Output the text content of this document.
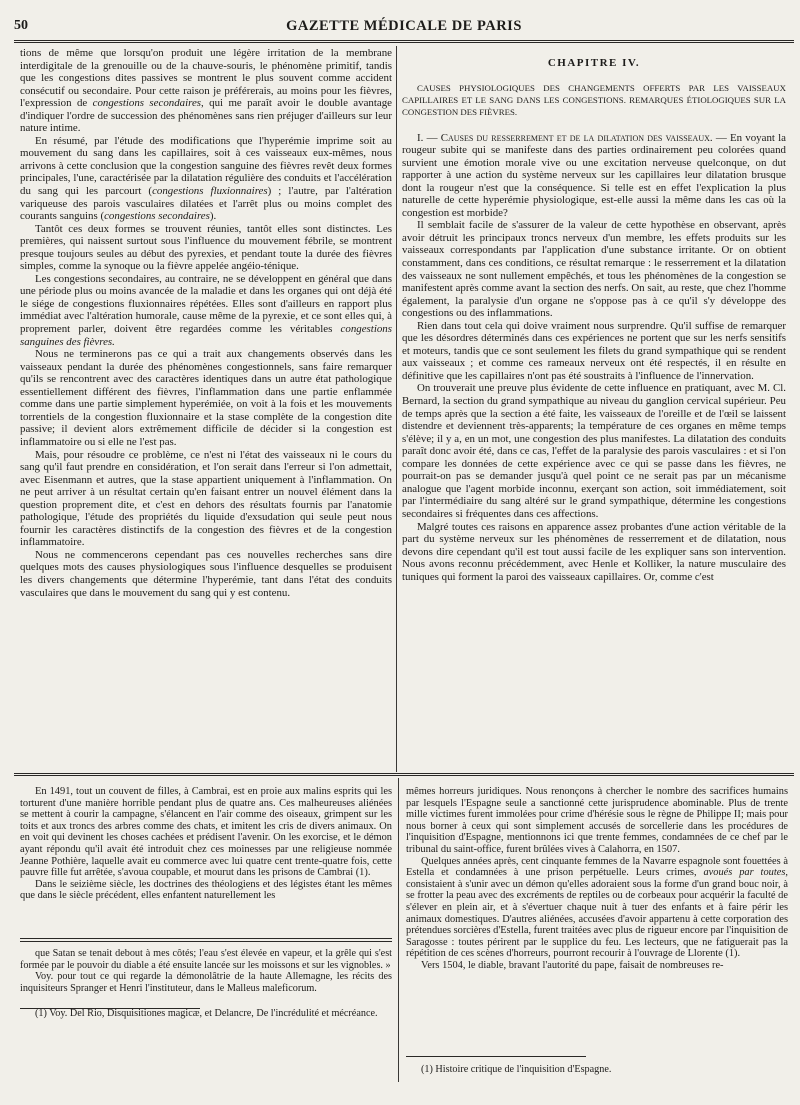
50	GAZETTE MÉDICALE DE PARIS

tions de même que lorsqu'on produit une légère irritation de la membrane interdigitale de la grenouille ou de la chauve-souris, le phénomène primitif, tandis que les congestions dites passives se montrent le plus souvent comme accident consécutif ou secondaire. Pour cette raison je préférerais, au moins pour les fièvres, l'expression de congestions secondaires, qui me paraît avoir le double avantage d'indiquer l'ordre de succession des phénomènes sans rien préjuger d'ailleurs sur leur nature intime.

En résumé, par l'étude des modifications que l'hyperémie imprime soit au mouvement du sang dans les capillaires, soit à ces vaisseaux eux-mêmes, nous arrivons à cette conclusion que la congestion sanguine des fièvres revêt deux formes principales, l'une, caractérisée par la dilatation régulière des conduits et l'accélération du sang qui les parcourt (congestions fluxionnaires) ; l'autre, par l'altération variqueuse des parois vasculaires dilatées et l'arrêt plus ou moins complet des courants sanguins (congestions secondaires).

Tantôt ces deux formes se trouvent réunies, tantôt elles sont distinctes. Les premières, qui naissent surtout sous l'influence du mouvement fébrile, se montrent presque toujours seules au début des pyrexies, et pendant toute la durée des fièvres simples, comme la synoque ou la fièvre appelée angéio-ténique.

Les congestions secondaires, au contraire, ne se développent en général que dans une période plus ou moins avancée de la maladie et dans les organes qui ont déjà été le siége de congestions fluxionnaires répétées. Elles sont d'ailleurs en rapport plus immédiat avec l'altération humorale, cause même de la pyrexie, et ce sont elles qui, à proprement parler, doivent être regardées comme les véritables congestions sanguines des fièvres.

Nous ne terminerons pas ce qui a trait aux changements observés dans les vaisseaux pendant la durée des phénomènes congestionnels, sans faire remarquer qu'ils se rencontrent avec des caractères identiques dans un autre état pathologique essentiellement différent des fièvres, l'inflammation dans une partie enflammée comme dans une partie simplement hyperémiée, on voit à la fois et les mouvements torrentiels de la congestion fluxionnaire et la stase complète de la congestion dite passive; il devient alors extrêmement difficile de décider si la congestion est inflammatoire ou si elle ne l'est pas.

Mais, pour résoudre ce problème, ce n'est ni l'état des vaisseaux ni le cours du sang qu'il faut prendre en considération, et l'on serait dans l'erreur si l'on admettait, avec Eisenmann et autres, que la stase appartient uniquement à l'inflammation. On ne peut arriver à un résultat certain qu'en faisant entrer un nouvel élément dans la question proprement dite, et c'est en dehors des résultats fournis par l'anatomie pathologique, l'étude des propriétés du liquide d'exsudation qui seule peut nous fournir les caractères distinctifs de la congestion des fièvres et de la congestion inflammatoire.

Nous ne commencerons cependant pas ces nouvelles recherches sans dire quelques mots des causes physiologiques sous l'influence desquelles se produisent les divers changements que détermine l'hyperémie, tant dans l'état des conduits vasculaires que dans le mouvement du sang qui y est contenu.

CHAPITRE IV.

CAUSES PHYSIOLOGIQUES DES CHANGEMENTS OFFERTS PAR LES VAISSEAUX CAPILLAIRES ET LE SANG DANS LES CONGESTIONS. REMARQUES ÉTIOLOGIQUES SUR LA CONGESTION DES FIÈVRES.

I. — Causes du resserrement et de la dilatation des vaisseaux. — En voyant la rougeur subite qui se manifeste dans des parties ordinairement peu colorées quand survient une émotion morale vive ou une excitation nerveuse quelconque, on dut rapporter à une action du système nerveux sur les capillaires leur dilatation brusque dont la rougeur n'est que la conséquence. Si telle est en effet l'explication la plus naturelle de cette hyperémie physiologique, est-elle aussi la même dans les cas où la congestion est morbide?

Il semblait facile de s'assurer de la valeur de cette hypothèse en observant, après avoir détruit les principaux troncs nerveux d'un membre, les effets produits sur les vaisseaux correspondants par l'application d'une substance irritante. Or on obtient constamment, dans ces conditions, ce résultat remarque : le resserrement et la dilatation des vaisseaux ne sont nullement empêchés, et tous les phénomènes de la congestion se manifestent après comme avant la section des nerfs. On sait, au reste, que chez l'homme également, la paralysie d'un organe ne s'oppose pas à ce qu'il s'y développe des congestions ou des inflammations.

Rien dans tout cela qui doive vraiment nous surprendre. Qu'il suffise de remarquer que les désordres déterminés dans ces expériences ne portent que sur les nerfs sensitifs et moteurs, tandis que ce sont seulement les filets du grand sympathique qui se rendent aux vaisseaux ; et comme ces rameaux nerveux ont été respectés, il en résulte en définitive que les capillaires n'ont pas été soustraits à l'influence de l'innervation.

On trouverait une preuve plus évidente de cette influence en pratiquant, avec M. Cl. Bernard, la section du grand sympathique au niveau du ganglion cervical supérieur. Peu de temps après que la section a été faite, les vaisseaux de l'oreille et de l'œil se laissent distendre et deviennent très-apparents; la température de ces organes en même temps s'élève; il y a, en un mot, une congestion des plus manifestes. La dilatation des conduits paraît donc avoir été, dans ce cas, l'effet de la paralysie des parois vasculaires : et si l'on compare les données de cette expérience avec ce qui se passe dans les fièvres, ne pourrait-on pas se demander jusqu'à quel point ce ne serait pas par un mécanisme analogue que l'agent morbide inconnu, exerçant son action, soit immédiatement, soit par l'intermédiaire du sang altéré sur le grand sympathique, détermine les congestions secondaires si fréquentes dans ces affections.

Malgré toutes ces raisons en apparence assez probantes d'une action véritable de la part du système nerveux sur les phénomènes de resserrement et de dilatation, nous devons dire cependant qu'il est tout aussi facile de les expliquer sans son intervention. Nous avons reconnu précédemment, avec Henle et Kolliker, la nature musculaire des tuniques qui forment la paroi des vaisseaux capillaires. Or, comme c'est

En 1491, tout un couvent de filles, à Cambrai, est en proie aux malins esprits qui les torturent d'une manière horrible pendant plus de quatre ans. Ces malheureuses aliénées se mettent à courir la campagne, s'élancent en l'air comme des oiseaux, grimpent sur les toits et aux troncs des arbres comme des chats, et imitent les cris de divers animaux. On en voit qui devinent les choses cachées et prédisent l'avenir. On les exorcise, et le démon ayant répondu qu'il avait été introduit chez ces moinesses par une religieuse nommée Jeanne Pothière, laquelle avait eu commerce avec lui quatre cent trente-quatre fois, cette pauvre fille fut arrêtée, s'avoua coupable, et mourut dans les prisons de Cambrai (1).

Dans le seizième siècle, les doctrines des théologiens et des légistes étant les mêmes que dans le siècle précédent, elles enfantent naturellement les

que Satan se tenait debout à mes côtés; l'eau s'est élevée en vapeur, et la grêle qui s'est formée par le pouvoir du diable a été ensuite lancée sur les moissons et sur les vignobles. »

Voy. pour tout ce qui regarde la démonolâtrie de la haute Allemagne, les récits des inquisiteurs Spranger et Henri l'instituteur, dans le Malleus maleficorum.

(1) Voy. Del Rio, Disquisitiones magicæ, et Delancre, De l'incrédulité et mécréance.

mêmes horreurs juridiques. Nous renonçons à chercher le nombre des sacrifices humains par lesquels l'Espagne seule a sanctionné cette jurisprudence abominable. Plus de trente mille victimes furent immolées pour crime d'hérésie sous le règne de Philippe II; mais pour nous borner à ceux qui sont simplement accusés de sorcellerie dans les procédures de l'inquisition d'Espagne, mentionnons ici que trente femmes, condamnées de ce chef par le tribunal du saint-office, furent brûlées vives à Calahorra, en 1507.

Quelques années après, cent cinquante femmes de la Navarre espagnole sont fouettées à Estella et condamnées à une prison perpétuelle. Leurs crimes, avoués par toutes, consistaient à s'unir avec un démon qu'elles adoraient sous la forme d'un grand bouc noir, à se frotter la peau avec des excréments de reptiles ou de corbeaux pour acquérir la faculté de s'élever en plein air, et à s'évertuer chaque nuit à tuer des enfants et à faire périr les animaux domestiques. D'autres aliénées, accusées d'avoir appartenu à cette corporation des prétendues sorcières d'Estella, furent traitées avec plus de rigueur encore par l'inquisition de Saragosse : toutes périrent par le supplice du feu. Les lecteurs, que ne fatiguerait pas la répétition de ces scènes d'horreurs, pourront recourir à l'ouvrage de Llorente (1).

Vers 1504, le diable, bravant l'autorité du pape, faisait de nombreuses re-

(1) Histoire critique de l'inquisition d'Espagne.
